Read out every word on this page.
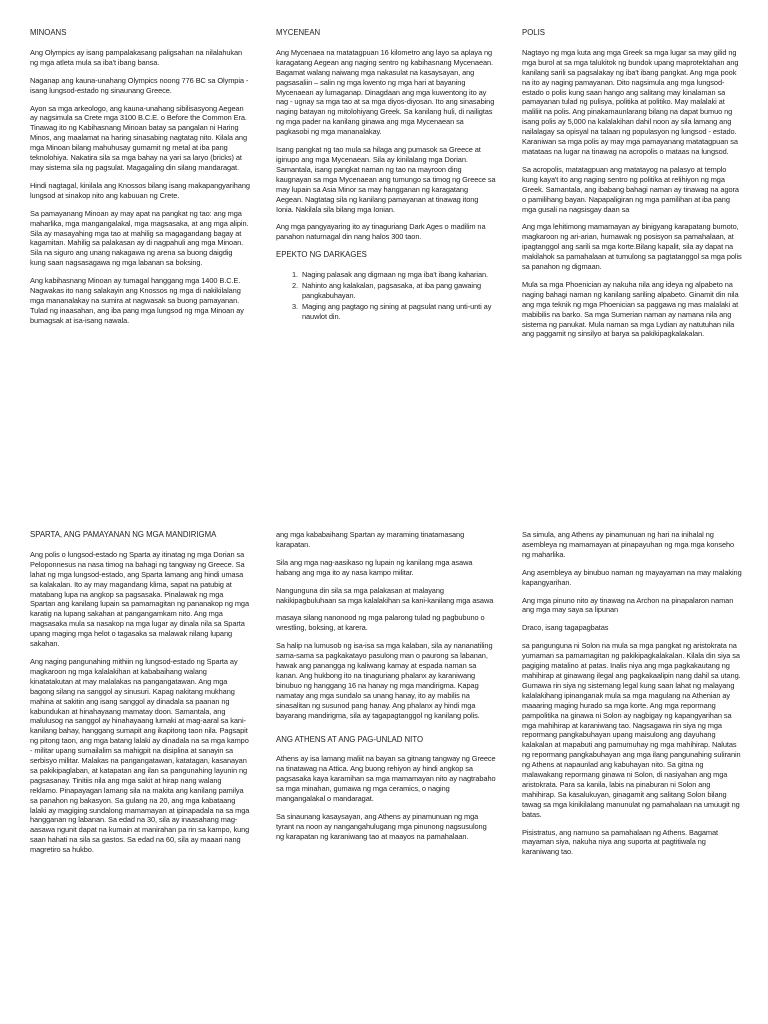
MINOANS

Ang Olympics ay isang pampalakasang paligsahan na nilalahukan ng mga atleta mula sa iba't ibang bansa.

Naganap ang kauna-unahang Olympics noong 776 BC sa Olympia - isang lungsod-estado ng sinaunang Greece.

Ayon sa mga arkeologo, ang kauna-unahang sibilisasyong Aegean ay nagsimula sa Crete mga 3100 B.C.E. o Before the Common Era. Tinawag ito ng Kabihasnang Minoan batay sa pangalan ni Haring Minos, ang maalamat na haring sinasabing nagtatag nito. Kilala ang mga Minoan bilang mahuhusay gumamit ng metal at iba pang teknolohiya. Nakatira sila sa mga bahay na yari sa laryo (bricks) at may sistema sila ng pagsulat. Magagaling din silang mandaragat.

Hindi nagtagal, kinilala ang Knossos bilang isang makapangyarihang lungsod at sinakop nito ang kabuuan ng Crete.

Sa pamayanang Minoan ay may apat na pangkat ng tao: ang mga maharlika, mga mangangalakal, mga magsasaka, at ang mga alipin. Sila ay masayahing mga tao at mahilig sa magagandang bagay at kagamitan. Mahilig sa palakasan ay di nagpahuli ang mga Minoan. Sila na siguro ang unang nakagawa ng arena sa buong daigdig kung saan nagsasagawa ng mga labanan sa boksing.

Ang kabihasnang Minoan ay tumagal hanggang mga 1400 B.C.E. Nagwakas ito nang salakayin ang Knossos ng mga di nakikilalang mga mananalakay na sumira at nagwasak sa buong pamayanan. Tulad ng inaasahan, ang iba pang mga lungsod ng mga Minoan ay bumagsak at isa-isang nawala.

MYCENEAN

Ang Mycenaea na matatagpuan 16 kilometro ang layo sa aplaya ng karagatang Aegean ang naging sentro ng kabihasnang Mycenaean. Bagamat walang naiwang mga nakasulat na kasaysayan, ang pagsasaliin – salin ng mga kwento ng mga hari at bayaning Mycenaean ay lumaganap. Dinagdaan ang mga kuwentong ito ay nag - ugnay sa mga tao at sa mga diyos-diyosan. Ito ang sinasabing naging batayan ng mitolohiyang Greek. Sa kanilang huli, di nailigtas ng mga pader na kanilang ginawa ang mga Mycenaean sa pagkasobi ng mga mananalakay.

Isang pangkat ng tao mula sa hilaga ang pumasok sa Greece at iginupo ang mga Mycenaean. Sila ay kinilalang mga Dorian. Samantala, isang pangkat naman ng tao na mayroon ding kaugnayan sa mga Mycenaean ang tumungo sa timog ng Greece sa may lupain sa Asia Minor sa may hangganan ng karagatang Aegean. Nagtatag sila ng kanilang pamayanan at tinawag itong Ionia. Nakilala sila bilang mga Ionian.

Ang mga pangyayaring ito ay tinaguriang Dark Ages o madilim na panahon naturnagal din nang halos 300 taon.

EPEKTO NG DARKAGES
1. Naging palasak ang digmaan ng mga iba't ibang kaharian.
2. Nahinto ang kalakalan, pagsasaka, at iba pang gawaing pangkabuhayan.
3. Maging ang pagtago ng sining at pagsulat nang unti-unti ay nauwlot din.
POLIS

Nagtayo ng mga kuta ang mga Greek sa mga lugar sa may gilid ng mga burol at sa mga talukitok ng bundok upang maprotektahan ang kanilang sarili sa pagsalakay ng iba't ibang pangkat. Ang mga pook na ito ay naging pamayanan. Dito nagsimula ang mga lungsod-estado o polis kung saan hango ang salitang may kinalaman sa pamayanan tulad ng pulisya, politika at politiko. May malalaki at maliliit na polis. Ang pinakamaunlarang bilang na dapat bumuo ng isang polis ay 5,000 na kalalakihan dahil noon ay sila lamang ang nailalagay sa opisyal na talaan ng populasyon ng lungsod - estado. Karaniwan sa mga polis ay may mga pamayanang matatagpuan sa matataas na lugar na tinawag na acropolis o mataas na lungsod.

Sa acropolis, matatagpuan ang matatayog na palasyo at templo kung kaya't ito ang naging sentro ng politika at relihiyon ng mga Greek. Samantala, ang ibabang bahagi naman ay tinawag na agora o pamilihang bayan. Napapaligiran ng mga pamilihan at iba pang mga gusali na nagsisgay daan sa

Ang mga lehitimong mamamayan ay binigyang karapatang bumoto, magkaroon ng ari-arian, humawak ng posisyon sa pamahalaan, at ipagtanggol ang sarili sa mga korte.Bilang kapalit, sila ay dapat na makilahok sa pamahalaan at tumulong sa pagtatanggol sa mga polis sa panahon ng digmaan.

Mula sa mga Phoenician ay nakuha nila ang ideya ng alpabeto na naging bahagi naman ng kanilang sariling alpabeto. Ginamit din nila ang mga teknik ng mga Phoenician sa paggawa ng mas malalaki at mabibilis na barko. Sa mga Sumerian naman ay namana nila ang sistema ng panukat. Mula naman sa mga Lydian ay natutuhan nila ang paggamit ng sinsilyo at barya sa pakikipagkalakalan.

SPARTA, ANG PAMAYANAN NG MGA MANDIRIGMA

Ang polis o lungsod-estado ng Sparta ay itinatag ng mga Dorian sa Peloponnesus na nasa timog na bahagi ng tangway ng Greece. Sa lahat ng mga lungsod-estado, ang Sparta lamang ang hindi umasa sa kalakalan. Ito ay may magandang klima, sapat na patubig at matabang lupa na angkop sa pagsasaka. Pinalawak ng mga Spartan ang kanilang lupain sa pamamagitan ng pananakop ng mga karatig na lupang sakahan at pangangamkam nito. Ang mga magsasaka mula sa nasakop na mga lugar ay dinala nila sa Sparta upang maging mga helot o tagasaka sa malawak nilang lupang sakahan.

Ang naging pangunahing mithiin ng lungsod-estado ng Sparta ay magkaroon ng mga kalalakihan at kababaihang walang kinatatakutan at may malalakas na pangangatawan. Ang mga bagong silang na sanggol ay sinusuri. Kapag nakitang mukhang mahina at sakitin ang isang sanggol ay dinadala sa paanan ng kabundukan at hinahayaang mamatay doon. Samantala, ang malulusog na sanggol ay hinahayaang lumaki at mag-aaral sa kani-kanilang bahay, hanggang sumapit ang ikapitong taon nila. Pagsapit ng pitong taon, ang mga batang lalaki ay dinadala na sa mga kampo - militar upang sumailalim sa mahigpit na disiplina at sanayin sa serbisyo militar. Malakas na pangangatawan, katatagan, kasanayan sa pakikipaglaban, at katapatan ang ilan sa pangunahing layunin ng pagsasanay. Tinitiis nila ang mga sakit at hirap nang walang reklamo. Pinapayagan lamang sila na makita ang kanilang pamilya sa panahon ng bakasyon. Sa gulang na 20, ang mga kabataang lalaki ay magiging sundalong mamamayan at ipinapadala na sa mga hangganan ng labanan. Sa edad na 30, sila ay inaasahang mag-aasawa ngunit dapat na kumain at manirahan pa rin sa kampo, kung saan hahati na sila sa gastos. Sa edad na 60, sila ay maaari nang magretiro sa hukbo.

ang mga kababaihang Spartan ay maraming tinatamasang karapatan.

Sila ang mga nag-aasikaso ng lupain ng kanilang mga asawa habang ang mga ito ay nasa kampo militar.

Nangunguna din sila sa mga palakasan at malayang nakikipagbuluhaan sa mga kalalakihan sa kani-kanilang mga asawa

masaya silang nanonood ng mga palarong tulad ng pagbubuno o wrestling, boksing, at karera.

Sa halip na lumusob ng isa-isa sa mga kalaban, sila ay nananatiling sama-sama sa pagkakatayo pasulong man o paurong sa labanan, hawak ang panangga ng kaliwang kamay at espada naman sa kanan. Ang hukbong ito na tinaguriang phalanx ay karaniwang binubuo ng hanggang 16 na hanay ng mga mandirigma. Kapag namatay ang mga sundalo sa unang hanay, ito ay mabilis na sinasalitan ng susunod pang hanay. Ang phalanx ay hindi mga bayarang mandirigma, sila ay tagapagtanggol ng kanilang polis.

ANG ATHENS AT ANG PAG-UNLAD NITO

Athens ay isa lamang maliit na bayan sa gitnang tangway ng Greece na tinatawag na Attica. Ang buong rehiyon ay hindi angkop sa pagsasaka kaya karamihan sa mga mamamayan nito ay nagtrabaho sa mga minahan, gumawa ng mga ceramics, o naging mangangalakal o mandaragat.

Sa sinaunang kasaysayan, ang Athens ay pinamunuan ng mga tyrant na noon ay nangangahulugang mga pinunong nagsusulong ng karapatan ng karaniwang tao at maayos na pamahalaan.

Sa simula, ang Athens ay pinamunuan ng hari na inihalal ng asembleya ng mamamayan at pinapayuhan ng mga mga konseho ng maharlika.

Ang asembleya ay binubuo naman ng mayayaman na may malaking kapangyarihan.

Ang mga pinuno nito ay tinawag na Archon na pinapalaron naman ang mga may saya sa lipunan

Draco, isang tagapagbatas

sa pangunguna ni Solon na mula sa mga pangkat ng aristokrata na yumaman sa pamamagitan ng pakikipagkalakalan. Kilala din siya sa pagiging matalino at patas. Inalis niya ang mga pagkakautang ng mahihirap at ginawang ilegal ang pagkakaalipin nang dahil sa utang. Gumawa rin siya ng sistemang legal kung saan lahat ng malayang kalalakihang ipinanganak mula sa mga magulang na Athenian ay maaaring maging hurado sa mga korte. Ang mga repormang pampolitika na ginawa ni Solon ay nagbigay ng kapangyarihan sa mga mahihirap at karaniwang tao. Nagsagawa rin siya ng mga repormang pangkabuhayan upang maisulong ang dayuhang kalakalan at mapabuti ang pamumuhay ng mga mahihirap. Nalutas ng repormang pangkabuhayan ang mga ilang pangunahing suliranin ng Athens at napaunlad ang kabuhayan nito. Sa gitna ng malawakang repormang ginawa ni Solon, di nasiyahan ang mga aristokrata. Para sa kanila, labis na pinaburan ni Solon ang mahihirap. Sa kasalukuyan, ginagamit ang salitang Solon bilang tawag sa mga kinikilalang manunulat ng pamahalaan na umuugit ng batas.

Pisistratus, ang namuno sa pamahalaan ng Athens. Bagamat mayaman siya, nakuha niya ang suporta at pagtitiwala ng karaniwang tao.
